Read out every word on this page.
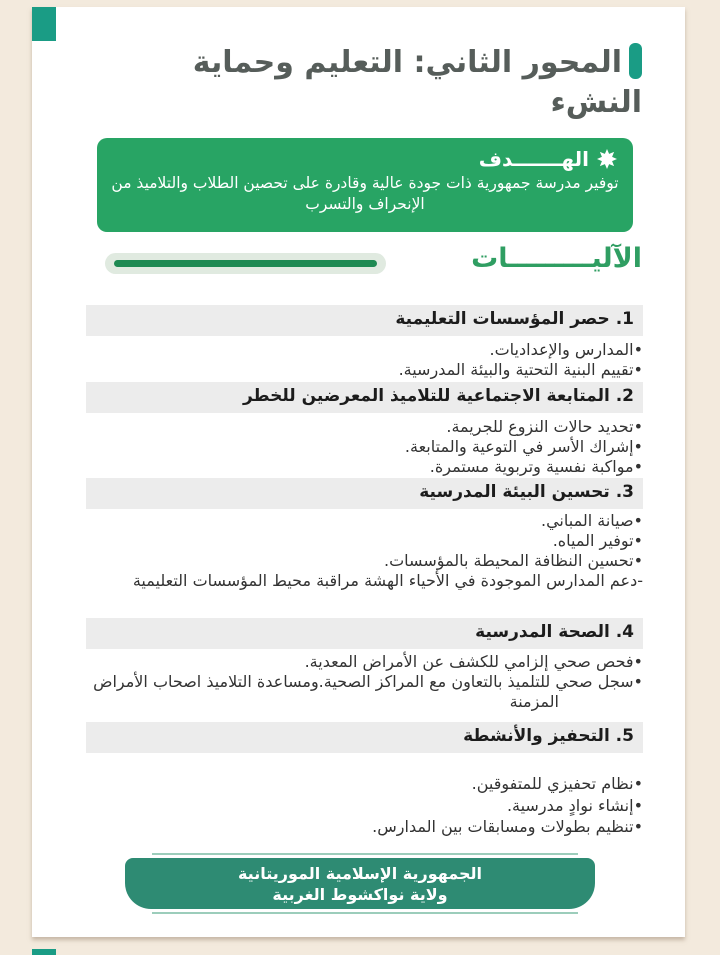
المحور الثاني: التعليم وحماية
النشء
الهـــــــدف
توفير مدرسة جمهورية ذات جودة عالية وقادرة على تحصين الطلاب والتلاميذ من الإنحراف والتسرب
الآليـــــــــات
1. حصر المؤسسات التعليمية
•المدارس والإعداديات.
•تقييم البنية التحتية والبيئة المدرسية.
2. المتابعة الاجتماعية للتلاميذ المعرضين للخطر
•تحديد حالات النزوع للجريمة.
•إشراك الأسر في التوعية والمتابعة.
•مواكبة نفسية وتربوية مستمرة.
3. تحسين البيئة المدرسية
•صيانة المباني.
•توفير المياه.
•تحسين النظافة المحيطة بالمؤسسات.
-دعم المدارس الموجودة في الأحياء الهشة مراقبة محيط المؤسسات التعليمية
4. الصحة المدرسية
•فحص صحي إلزامي للكشف عن الأمراض المعدية.
•سجل صحي للتلميذ بالتعاون مع المراكز الصحية.ومساعدة التلاميذ اصحاب الأمراض المزمنة
5. التحفيز والأنشطة
•نظام تحفيزي للمتفوقين.
•إنشاء نوادٍ مدرسية.
•تنظيم بطولات ومسابقات بين المدارس.
الجمهورية الإسلامية الموريتانية
ولاية نواكشوط الغربية
